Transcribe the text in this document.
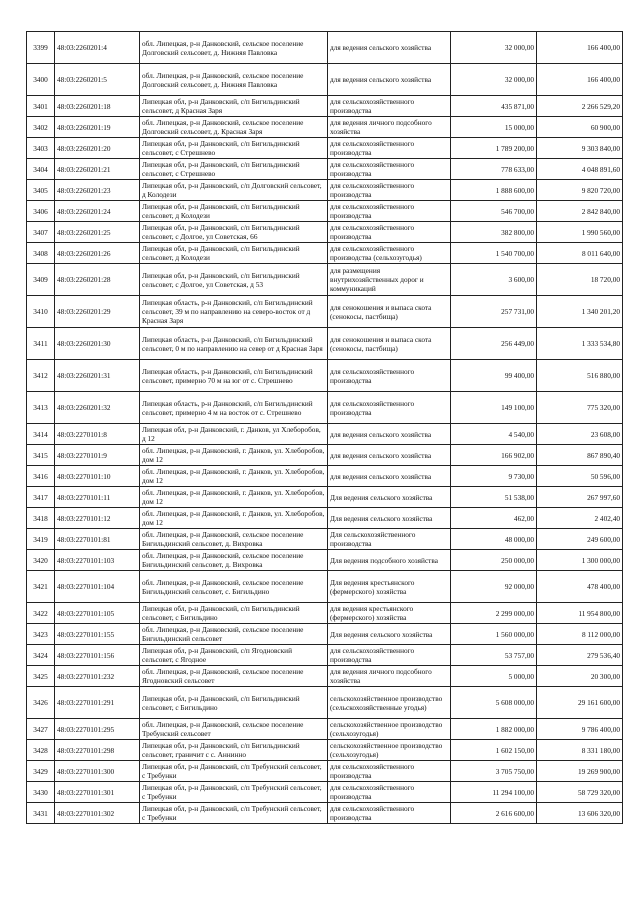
3399	48:03:2260201:4	обл. Липецкая, р-н Данковский, сельское поселение Долговский сельсовет, д. Нижняя Павловка	для ведения сельского хозяйства	32 000,00	166 400,00
3400	48:03:2260201:5	обл. Липецкая, р-н Данковский, сельское поселение Долговский сельсовет, д. Нижняя Павловка	для ведения сельского хозяйства	32 000,00	166 400,00
3401	48:03:2260201:18	Липецкая обл, р-н Данковский, с/п Бигильдинский сельсовет, д Красная Заря	для сельскохозяйственного производства	435 871,00	2 266 529,20
3402	48:03:2260201:19	обл. Липецкая, р-н Данковский, сельское поселение Долговский сельсовет, д. Красная Заря	для ведения личного подсобного хозяйства	15 000,00	60 900,00
3403	48:03:2260201:20	Липецкая обл, р-н Данковский, с/п Бигильдинский сельсовет, с Стрешнево	для сельскохозяйственного производства	1 789 200,00	9 303 840,00
3404	48:03:2260201:21	Липецкая обл, р-н Данковский, с/п Бигильдинский сельсовет, с Стрешнево	для сельскохозяйственного производства	778 633,00	4 048 891,60
3405	48:03:2260201:23	Липецкая обл, р-н Данковский, с/п Долговский сельсовет, д Колодези	для сельскохозяйственного производства	1 888 600,00	9 820 720,00
3406	48:03:2260201:24	Липецкая обл, р-н Данковский, с/п Бигильдинский сельсовет, д Колодези	для сельскохозяйственного производства	546 700,00	2 842 840,00
3407	48:03:2260201:25	Липецкая обл, р-н Данковский, с/п Бигильдинский сельсовет, с Долгое, ул Советская, 66	для сельскохозяйственного производства	382 800,00	1 990 560,00
3408	48:03:2260201:26	Липецкая обл, р-н Данковский, с/п Бигильдинский сельсовет, д Колодези	для сельскохозяйственного производства (сельхозугодья)	1 540 700,00	8 011 640,00
3409	48:03:2260201:28	Липецкая обл, р-н Данковский, с/п Бигильдинский сельсовет, с Долгое, ул Советская, д 53	для размещения внутрихозяйственных дорог и коммуникаций	3 600,00	18 720,00
3410	48:03:2260201:29	Липецкая область, р-н Данковский, с/п Бигильдинский сельсовет, 39 м по направлению на северо-восток от д Красная Заря	для сенокошения и выпаса скота (сенокосы, пастбища)	257 731,00	1 340 201,20
3411	48:03:2260201:30	Липецкая область, р-н Данковский, с/п Бигильдинский сельсовет, 0 м по направлению на север от д Красная Заря	для сенокошения и выпаса скота (сенокосы, пастбища)	256 449,00	1 333 534,80
3412	48:03:2260201:31	Липецкая область, р-н Данковский, с/п Бигильдинский сельсовет, примерно 70 м на юг от с. Стрешнево	для сельскохозяйственного производства	99 400,00	516 880,00
3413	48:03:2260201:32	Липецкая область, р-н Данковский, с/п Бигильдинский сельсовет, примерно 4 м на восток от с. Стрешнево	для сельскохозяйственного производства	149 100,00	775 320,00
3414	48:03:2270101:8	Липецкая обл, р-н Данковский, г. Данков, ул Хлеборобов, д 12	для ведения сельского хозяйства	4 540,00	23 608,00
3415	48:03:2270101:9	обл. Липецкая, р-н Данковский, г. Данков, ул. Хлеборобов, дом 12	для ведения сельского хозяйства	166 902,00	867 890,40
3416	48:03:2270101:10	обл. Липецкая, р-н Данковский, г. Данков, ул. Хлеборобов, дом 12	для ведения сельского хозяйства	9 730,00	50 596,00
3417	48:03:2270101:11	обл. Липецкая, р-н Данковский, г. Данков, ул. Хлеборобов, дом 12	Для ведения сельского хозяйства	51 538,00	267 997,60
3418	48:03:2270101:12	обл. Липецкая, р-н Данковский, г. Данков, ул. Хлеборобов, дом 12	Для ведения сельского хозяйства	462,00	2 402,40
3419	48:03:2270101:81	обл. Липецкая, р-н Данковский, сельское поселение Бигильдинский сельсовет, д. Вихровка	Для сельскохозяйственного производства	48 000,00	249 600,00
3420	48:03:2270101:103	обл. Липецкая, р-н Данковский, сельское поселение Бигильдинский сельсовет, д. Вихровка	Для ведения подсобного хозяйства	250 000,00	1 300 000,00
3421	48:03:2270101:104	обл. Липецкая, р-н Данковский, сельское поселение Бигильдинский сельсовет, с. Бигильдино	Для ведения крестьянского (фермерского) хозяйства	92 000,00	478 400,00
3422	48:03:2270101:105	Липецкая обл, р-н Данковский, с/п Бигильдинский сельсовет, с Бигильдино	для ведения крестьянского (фермерского) хозяйства	2 299 000,00	11 954 800,00
3423	48:03:2270101:155	обл. Липецкая, р-н Данковский, сельское поселение Бигильдинский сельсовет	Для ведения сельского хозяйства	1 560 000,00	8 112 000,00
3424	48:03:2270101:156	Липецкая обл, р-н Данковский, с/п Ягодновский сельсовет, с Ягодное	для сельскохозяйственного производства	53 757,00	279 536,40
3425	48:03:2270101:232	обл. Липецкая, р-н Данковский, сельское поселение Ягодновский сельсовет	для ведения личного подсобного хозяйства	5 000,00	20 300,00
3426	48:03:2270101:291	Липецкая обл, р-н Данковский, с/п Бигильдинский сельсовет, с Бигильдино	сельскохозяйственное производство (сельскохозяйственные угодья)	5 608 000,00	29 161 600,00
3427	48:03:2270101:295	обл. Липецкая, р-н Данковский, сельское поселение Требунский сельсовет	сельскохозяйственное производство (сельхозугодья)	1 882 000,00	9 786 400,00
3428	48:03:2270101:298	Липецкая обл, р-н Данковский, с/п Бигильдинский сельсовет, граничит с с. Аннинно	сельскохозяйственное производство (сельхозугодья)	1 602 150,00	8 331 180,00
3429	48:03:2270101:300	Липецкая обл, р-н Данковский, с/п Требунский сельсовет, с Требунки	для сельскохозяйственного производства	3 705 750,00	19 269 900,00
3430	48:03:2270101:301	Липецкая обл, р-н Данковский, с/п Требунский сельсовет, с Требунки	для сельскохозяйственного производства	11 294 100,00	58 729 320,00
3431	48:03:2270101:302	Липецкая обл, р-н Данковский, с/п Требунский сельсовет, с Требунки	для сельскохозяйственного производства	2 616 600,00	13 606 320,00
